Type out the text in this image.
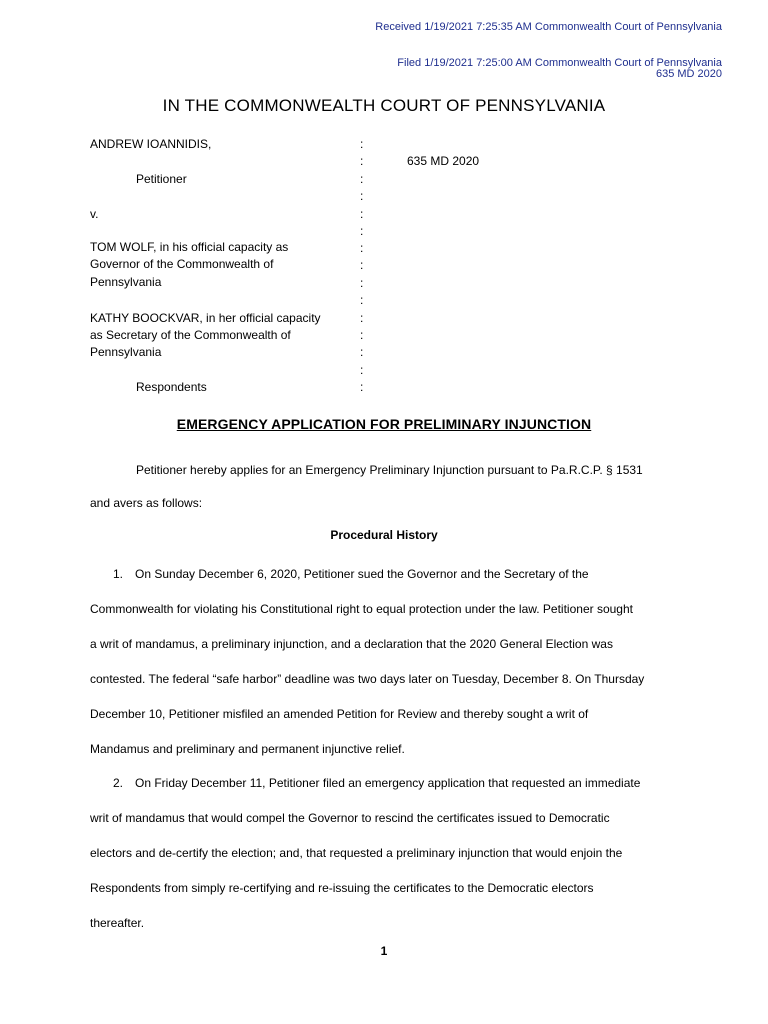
Received 1/19/2021 7:25:35 AM Commonwealth Court of Pennsylvania
Filed 1/19/2021 7:25:00 AM Commonwealth Court of Pennsylvania
635 MD 2020
IN THE COMMONWEALTH COURT OF PENNSYLVANIA
ANDREW IOANNIDIS,
Petitioner
v.
TOM WOLF, in his official capacity as
Governor of the Commonwealth of
Pennsylvania
KATHY BOOCKVAR, in her official capacity
as Secretary of the Commonwealth of
Pennsylvania
Respondents
635 MD 2020
:
:
:
:
:
:
:
:
:
:
:
:
:
:
:
EMERGENCY APPLICATION FOR PRELIMINARY INJUNCTION
Petitioner hereby applies for an Emergency Preliminary Injunction pursuant to Pa.R.C.P. § 1531
and avers as follows:
Procedural History
1. On Sunday December 6, 2020, Petitioner sued the Governor and the Secretary of the
Commonwealth for violating his Constitutional right to equal protection under the law. Petitioner sought
a writ of mandamus, a preliminary injunction, and a declaration that the 2020 General Election was
contested. The federal “safe harbor” deadline was two days later on Tuesday, December 8. On Thursday
December 10, Petitioner misfiled an amended Petition for Review and thereby sought a writ of
Mandamus and preliminary and permanent injunctive relief.
2. On Friday December 11, Petitioner filed an emergency application that requested an immediate
writ of mandamus that would compel the Governor to rescind the certificates issued to Democratic
electors and de-certify the election; and, that requested a preliminary injunction that would enjoin the
Respondents from simply re-certifying and re-issuing the certificates to the Democratic electors
thereafter.
1
